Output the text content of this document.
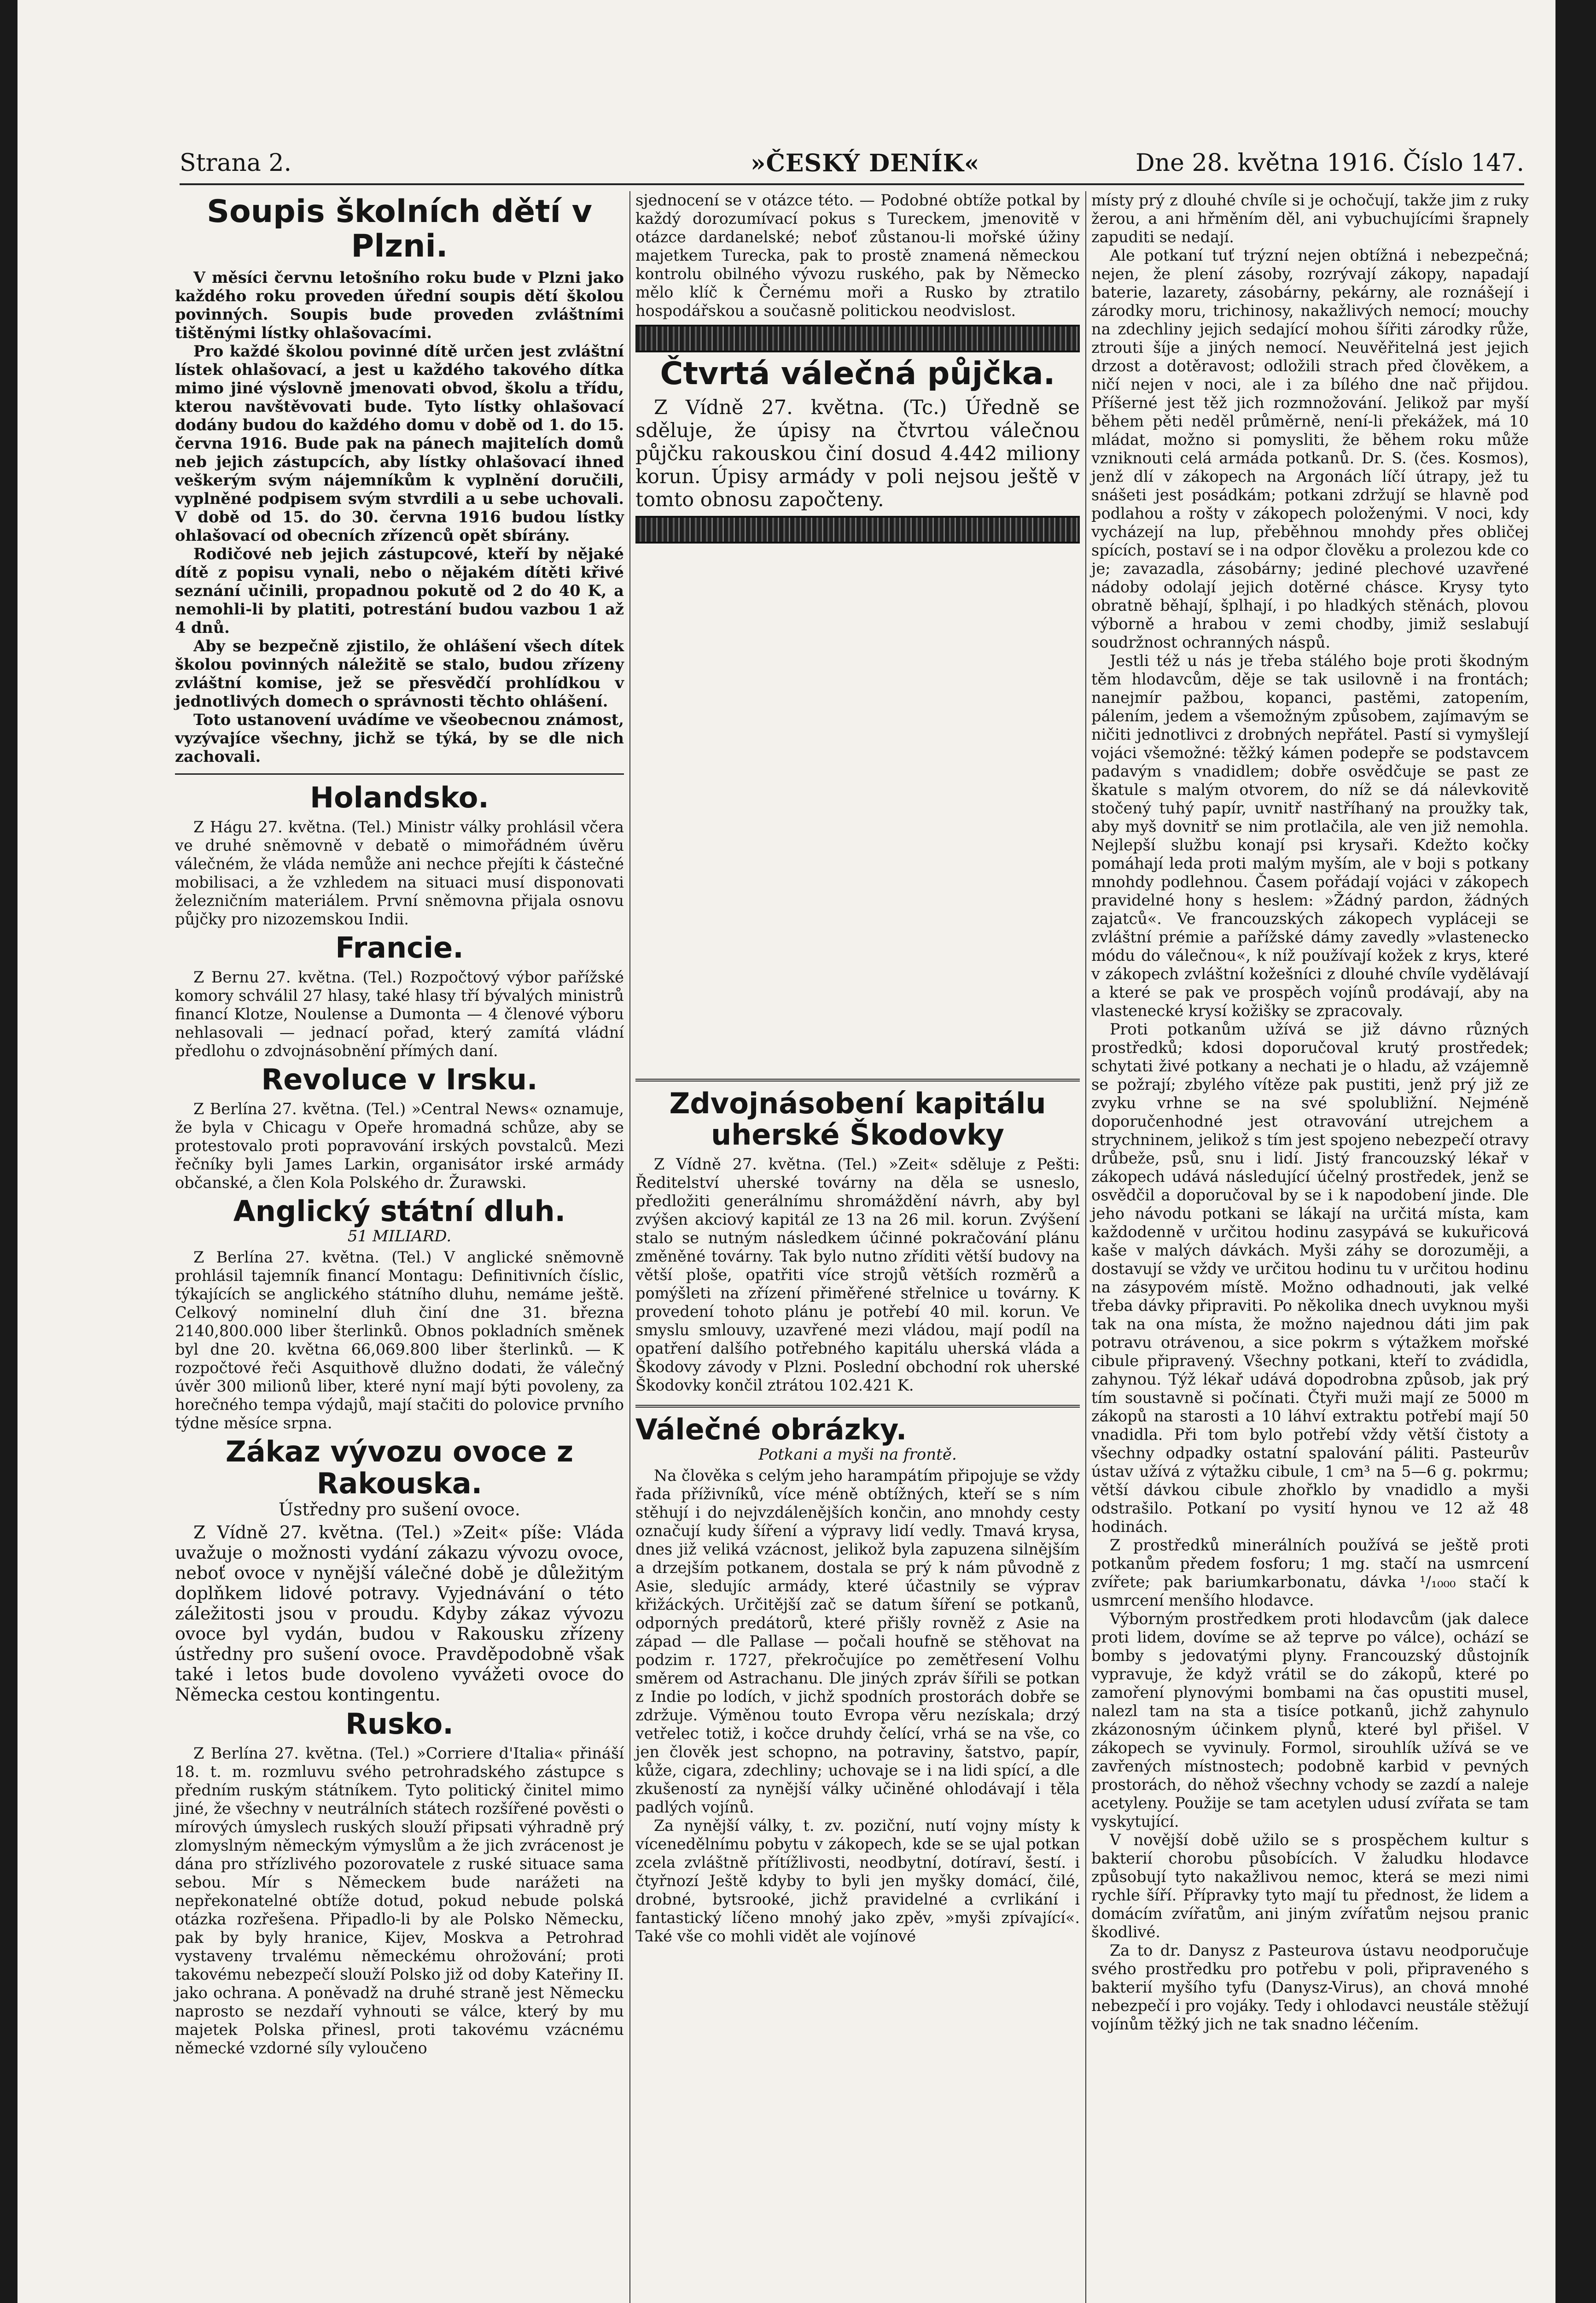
Strana 2.	»ČESKÝ DENÍK«	Dne 28. května 1916. Číslo 147.
Soupis školních dětí v Plzni.

V měsíci červnu letošního roku bude v Plzni jako každého roku proveden úřední soupis dětí školou povinných. Soupis bude proveden zvláštními tištěnými lístky ohlašovacími.

Pro každé školou povinné dítě určen jest zvláštní lístek ohlašovací, a jest u každého takového dítka mimo jiné výslovně jmenovati obvod, školu a třídu, kterou navštěvovati bude. Tyto lístky ohlašovací dodány budou do každého domu v době od 1. do 15. června 1916. Bude pak na pánech majitelích domů neb jejich zástupcích, aby lístky ohlašovací ihned veškerým svým nájemníkům k vyplnění doručili, vyplněné podpisem svým stvrdili a u sebe uchovali. V době od 15. do 30. června 1916 budou lístky ohlašovací od obecních zřízenců opět sbírány.

Rodičové neb jejich zástupcové, kteří by nějaké dítě z popisu vynali, nebo o nějakém dítěti křivé seznání učinili, propadnou pokutě od 2 do 40 K, a nemohli-li by platiti, potrestání budou vazbou 1 až 4 dnů.

Aby se bezpečně zjistilo, že ohlášení všech dítek školou povinných náležitě se stalo, budou zřízeny zvláštní komise, jež se přesvědčí prohlídkou v jednotlivých domech o správnosti těchto ohlášení.

Toto ustanovení uvádíme ve všeobecnou známost, vyzývajíce všechny, jichž se týká, by se dle nich zachovali.

Holandsko.

Z Hágu 27. května. (Tel.) Ministr války prohlásil včera ve druhé sněmovně v debatě o mimořádném úvěru válečném, že vláda nemůže ani nechce přejíti k částečné mobilisaci, a že vzhledem na situaci musí disponovati železničním materiálem. První sněmovna přijala osnovu půjčky pro nizozemskou Indii.

Francie.

Z Bernu 27. května. (Tel.) Rozpočtový výbor pařížské komory schválil 27 hlasy, také hlasy tří bývalých ministrů financí Klotze, Noulense a Dumonta — 4 členové výboru nehlasovali — jednací pořad, který zamítá vládní předlohu o zdvojnásobnění přímých daní.

Revoluce v Irsku.

Z Berlína 27. května. (Tel.) »Central News« oznamuje, že byla v Chicagu v Opeře hromadná schůze, aby se protestovalo proti popravování irských povstalců. Mezi řečníky byli James Larkin, organisátor irské armády občanské, a člen Kola Polského dr. Žurawski.

Anglický státní dluh.
51 MILIARD.

Z Berlína 27. května. (Tel.) V anglické sněmovně prohlásil tajemník financí Montagu: Definitivních číslic, týkajících se anglického státního dluhu, nemáme ještě. Celkový nominelní dluh činí dne 31. března 2140,800.000 liber šterlinků. Obnos pokladních směnek byl dne 20. května 66,069.800 liber šterlinků. — K rozpočtové řeči Asquithově dlužno dodati, že válečný úvěr 300 milionů liber, které nyní mají býti povoleny, za horečného tempa výdajů, mají stačiti do polovice prvního týdne měsíce srpna.

Zákaz vývozu ovoce z Rakouska.
Ústředny pro sušení ovoce.

Z Vídně 27. května. (Tel.) »Zeit« píše: Vláda uvažuje o možnosti vydání zákazu vývozu ovoce, neboť ovoce v nynější válečné době je důležitým doplňkem lidové potravy. Vyjednávání o této záležitosti jsou v proudu. Kdyby zákaz vývozu ovoce byl vydán, budou v Rakousku zřízeny ústředny pro sušení ovoce. Pravděpodobně však také i letos bude dovoleno vyvážeti ovoce do Německa cestou kontingentu.

Rusko.

Z Berlína 27. května. (Tel.) »Corriere d'Italia« přináší 18. t. m. rozmluvu svého petrohradského zástupce s předním ruským státníkem. Tyto politický činitel mimo jiné, že všechny v neutrálních státech rozšířené pověsti o mírových úmyslech ruských slouží připsati výhradně prý zlomyslným německým výmyslům a že jich zvrácenost je dána pro střízlivého pozorovatele z ruské situace sama sebou. Mír s Německem bude narážeti na nepřekonatelné obtíže dotud, pokud nebude polská otázka rozřešena. Připadlo-li by ale Polsko Německu, pak by byly hranice, Kijev, Moskva a Petrohrad vystaveny trvalému německému ohrožování; proti takovému nebezpečí slouží Polsko již od doby Kateřiny II. jako ochrana. A poněvadž na druhé straně jest Německu naprosto se nezdaří vyhnouti se válce, který by mu majetek Polska přinesl, proti takovému vzácnému německé vzdorné síly vyloučeno

sjednocení se v otázce této. — Podobné obtíže potkal by každý dorozumívací pokus s Tureckem, jmenovitě v otázce dardanelské; neboť zůstanou-li mořské úžiny majetkem Turecka, pak to prostě znamená německou kontrolu obilného vývozu ruského, pak by Německo mělo klíč k Černému moři a Rusko by ztratilo hospodářskou a současně politickou neodvislost.

Čtvrtá válečná půjčka.

Z Vídně 27. května. (Tc.) Úředně se sděluje, že úpisy na čtvrtou válečnou půjčku rakouskou činí dosud 4.442 miliony korun. Úpisy armády v poli nejsou ještě v tomto obnosu započteny.

Zdvojnásobení kapitálu uherské Škodovky

Z Vídně 27. května. (Tel.) »Zeit« sděluje z Pešti: Ředitelství uherské továrny na děla se usneslo, předložiti generálnímu shromáždění návrh, aby byl zvýšen akciový kapitál ze 13 na 26 mil. korun. Zvýšení stalo se nutným následkem účinné pokračování plánu změněné továrny. Tak bylo nutno zříditi větší budovy na větší ploše, opatřiti více strojů větších rozměrů a pomýšleti na zřízení přiměřené střelnice u továrny. K provedení tohoto plánu je potřebí 40 mil. korun. Ve smyslu smlouvy, uzavřené mezi vládou, mají podíl na opatření dalšího potřebného kapitálu uherská vláda a Škodovy závody v Plzni. Poslední obchodní rok uherské Škodovky končil ztrátou 102.421 K.

Válečné obrázky.
Potkani a myši na frontě.

Na člověka s celým jeho harampátím připojuje se vždy řada příživníků, více méně obtížných, kteří se s ním stěhují i do nejvzdálenějších končin, ano mnohdy cesty označují kudy šíření a výpravy lidí vedly. Tmavá krysa, dnes již veliká vzácnost, jelikož byla zapuzena silnějším a drzejším potkanem, dostala se prý k nám původně z Asie, sledujíc armády, které účastnily se výprav křižáckých. Určitější zač se datum šíření se potkanů, odporných predátorů, které přišly rovněž z Asie na západ — dle Pallase — počali houfně se stěhovat na podzim r. 1727, překročujíce po zemětřesení Volhu směrem od Astrachanu. Dle jiných zpráv šířili se potkan z Indie po lodích, v jichž spodních prostorách dobře se zdržuje. Výměnou touto Evropa věru nezískala; drzý vetřelec totiž, i kočce druhdy čelící, vrhá se na vše, co jen člověk jest schopno, na potraviny, šatstvo, papír, kůže, cigara, zdechliny; uchovaje se i na lidi spící, a dle zkušeností za nynější války učiněné ohlodávají i těla padlých vojínů.

Za nynější války, t. zv. poziční, nutí vojny místy k vícenedělnímu pobytu v zákopech, kde se se ujal potkan zcela zvláštně přítížlivosti, neodbytní, dotíraví, šestí. i čtyřnozí Ještě kdyby to byli jen myšky domácí, čilé, drobné, bytsrooké, jichž pravidelné a cvrlikání i fantastický líčeno mnohý jako zpěv, »myši zpívající«. Také vše co mohli vidět ale vojínové

místy prý z dlouhé chvíle si je ochočují, takže jim z ruky žerou, a ani hřměním děl, ani vybuchujícími šrapnely zapuditi se nedají.

Ale potkaní tuť trýzní nejen obtížná i nebezpečná; nejen, že plení zásoby, rozrývají zákopy, napadají baterie, lazarety, zásobárny, pekárny, ale roznášejí i zárodky moru, trichinosy, nakažlivých nemocí; mouchy na zdechliny jejich sedající mohou šířiti zárodky růže, ztrouti šíje a jiných nemocí. Neuvěřitelná jest jejich drzost a dotěravost; odložili strach před člověkem, a ničí nejen v noci, ale i za bílého dne nač přijdou. Příšerné jest těž jich rozmnožování. Jelikož par myší během pěti neděl průměrně, není-li překážek, má 10 mládat, možno si pomysliti, že během roku může vzniknouti celá armáda potkanů. Dr. S. (čes. Kosmos), jenž dlí v zákopech na Argonách líčí útrapy, jež tu snášeti jest posádkám; potkani zdržují se hlavně pod podlahou a rošty v zákopech položenými. V noci, kdy vycházejí na lup, přeběhnou mnohdy přes obličej spících, postaví se i na odpor člověku a prolezou kde co je; zavazadla, zásobárny; jediné plechové uzavřené nádoby odolají jejich dotěrné chásce. Krysy tyto obratně běhají, šplhají, i po hladkých stěnách, plovou výborně a hrabou v zemi chodby, jimiž seslabují soudržnost ochranných náspů.

Jestli též u nás je třeba stálého boje proti škodným těm hlodavcům, děje se tak usilovně i na frontách; nanejmír pažbou, kopanci, pastěmi, zatopením, pálením, jedem a všemožným způsobem, zajímavým se ničiti jednotlivci z drobných nepřátel. Pastí si vymyšlejí vojáci všemožné: těžký kámen podepře se podstavcem padavým s vnadidlem; dobře osvědčuje se past ze škatule s malým otvorem, do níž se dá nálevkovitě stočený tuhý papír, uvnitř nastříhaný na proužky tak, aby myš dovnitř se nim protlačila, ale ven již nemohla. Nejlepší službu konají psi krysaři. Kdežto kočky pomáhají leda proti malým myším, ale v boji s potkany mnohdy podlehnou. Časem pořádají vojáci v zákopech pravidelné hony s heslem: »Žádný pardon, žádných zajatců«. Ve francouzských zákopech vypláceji se zvláštní prémie a pařížské dámy zavedly »vlastenecko módu do válečnou«, k níž používají kožek z krys, které v zákopech zvláštní kožešníci z dlouhé chvíle vydělávají a které se pak ve prospěch vojínů prodávají, aby na vlastenecké krysí kožišky se zpracovaly.

Proti potkanům užívá se již dávno různých prostředků; kdosi doporučoval krutý prostředek; schytati živé potkany a nechati je o hladu, až vzájemně se požrají; zbylého vítěze pak pustiti, jenž prý již ze zvyku vrhne se na své spolubližní. Nejméně doporučenhodné jest otravování utrejchem a strychninem, jelikož s tím jest spojeno nebezpečí otravy drůbeže, psů, snu i lidí. Jistý francouzský lékař v zákopech udává následující účelný prostředek, jenž se osvědčil a doporučoval by se i k napodobení jinde. Dle jeho návodu potkani se lákají na určitá místa, kam každodenně v určitou hodinu zasypává se kukuřicová kaše v malých dávkách. Myši záhy se dorozuměji, a dostavují se vždy ve určitou hodinu tu v určitou hodinu na zásypovém místě. Možno odhadnouti, jak velké třeba dávky připraviti. Po několika dnech uvyknou myši tak na ona místa, že možno najednou dáti jim pak potravu otrávenou, a sice pokrm s výtažkem mořské cibule připravený. Všechny potkani, kteří to zvádidla, zahynou. Týž lékař udává dopodrobna způsob, jak prý tím soustavně si počínati. Čtyři muži mají ze 5000 m zákopů na starosti a 10 láhví extraktu potřebí mají 50 vnadidla. Při tom bylo potřebí vždy větší čistoty a všechny odpadky ostatní spalování páliti. Pasteurův ústav užívá z výtažku cibule, 1 cm³ na 5—6 g. pokrmu; větší dávkou cibule zhořklo by vnadidlo a myši odstrašilo. Potkaní po vysití hynou ve 12 až 48 hodinách.

Z prostředků minerálních používá se ještě proti potkanům předem fosforu; 1 mg. stačí na usmrcení zvířete; pak bariumkarbonatu, dávka ¹/₁₀₀₀ stačí k usmrcení menšího hlodavce.

Výborným prostředkem proti hlodavcům (jak dalece proti lidem, dovíme se až teprve po válce), ochází se bomby s jedovatými plyny. Francouzský důstojník vypravuje, že když vrátil se do zákopů, které po zamoření plynovými bombami na čas opustiti musel, nalezl tam na sta a tisíce potkanů, jichž zahynulo zkázonosným účinkem plynů, které byl přišel. V zákopech se vyvinuly. Formol, sirouhlík užívá se ve zavřených místnostech; podobně karbid v pevných prostorách, do něhož všechny vchody se zazdí a naleje acetyleny. Použije se tam acetylen udusí zvířata se tam vyskytující.

V novější době užilo se s prospěchem kultur s bakterií chorobu působících. V žaludku hlodavce způsobují tyto nakažlivou nemoc, která se mezi nimi rychle šíří. Přípravky tyto mají tu přednost, že lidem a domácím zvířatům, ani jiným zvířatům nejsou pranic škodlivé.

Za to dr. Danysz z Pasteurova ústavu neodporučuje svého prostředku pro potřebu v poli, připraveného s bakterií myšího tyfu (Danysz-Virus), an chová mnohé nebezpečí i pro vojáky. Tedy i ohlodavci neustále stěžují vojínům těžký jich ne tak snadno léčením.
